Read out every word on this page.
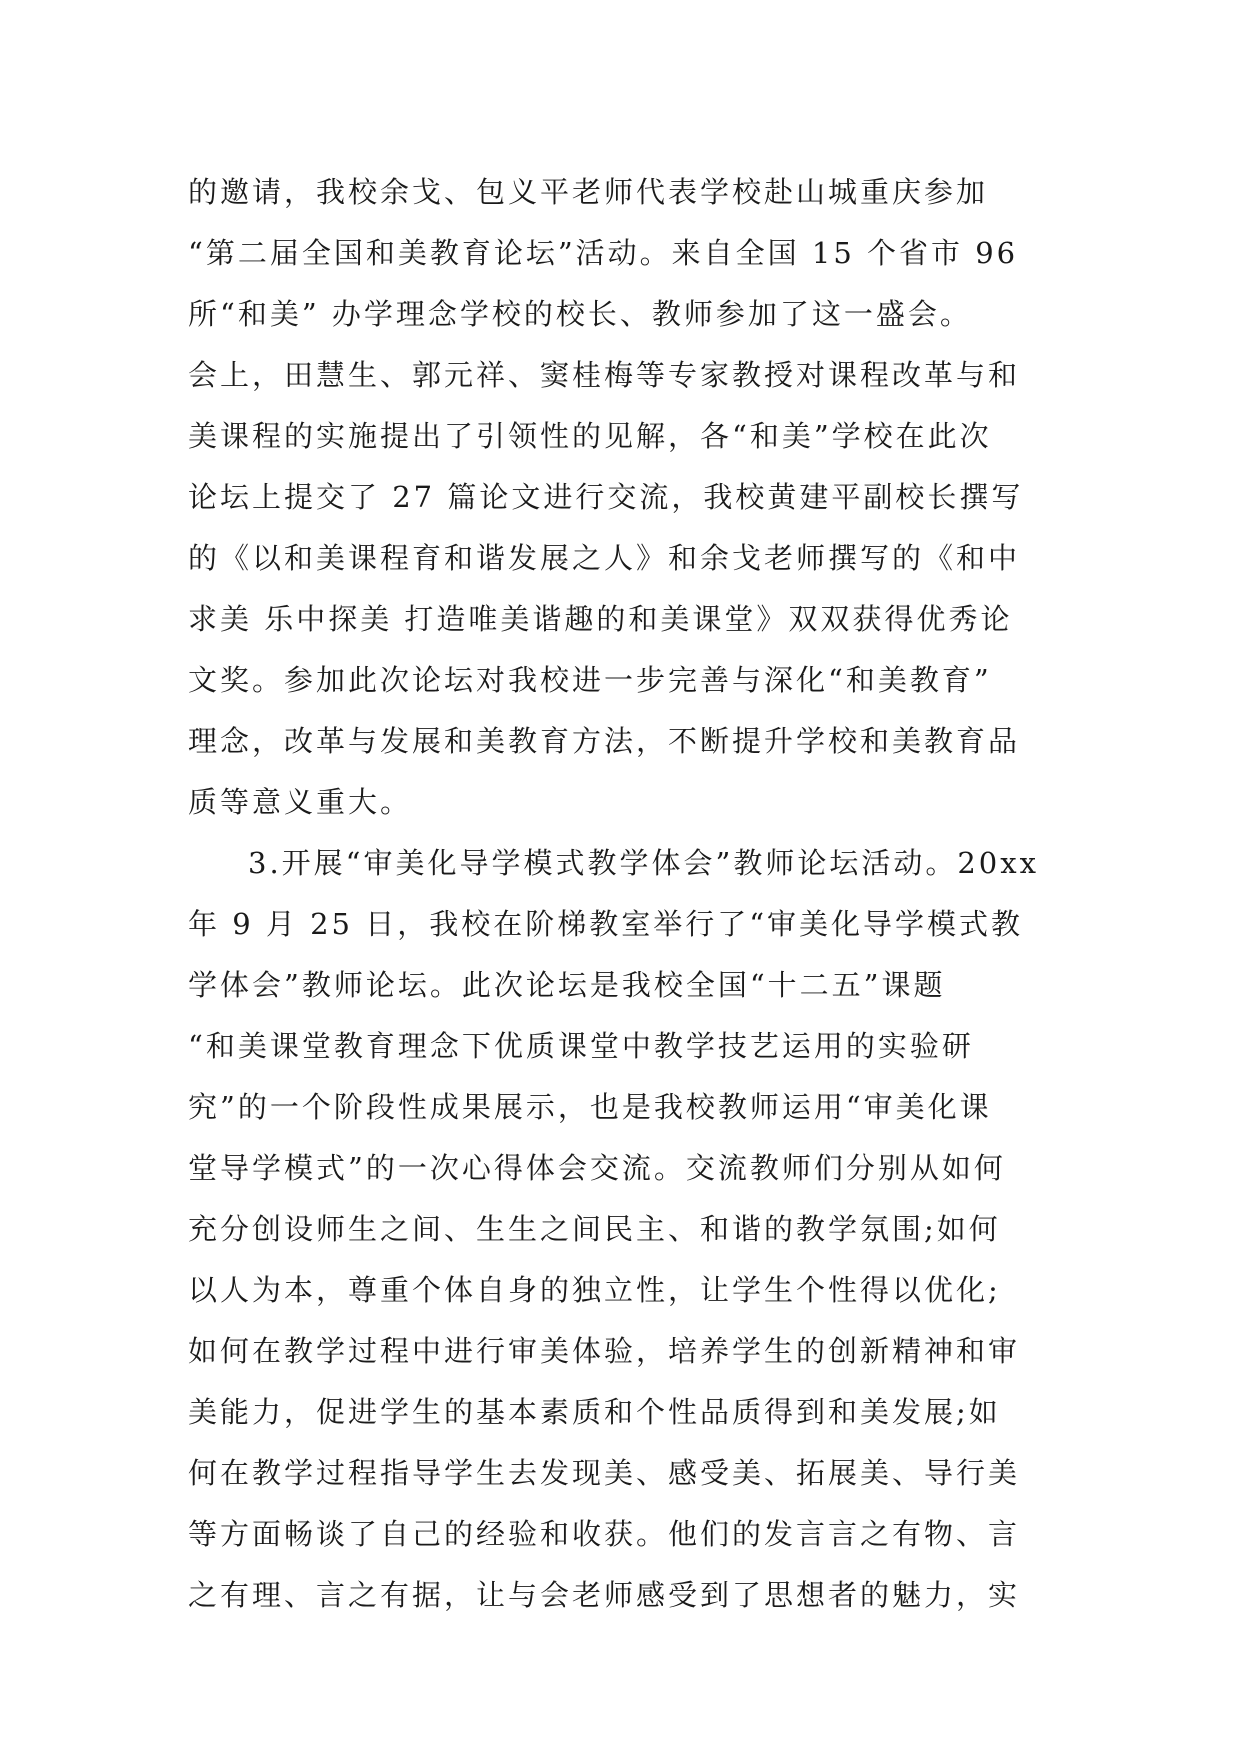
的邀请，我校余戈、包义平老师代表学校赴山城重庆参加
“第二届全国和美教育论坛”活动。来自全国 15 个省市 96
所“和美” 办学理念学校的校长、教师参加了这一盛会。
会上，田慧生、郭元祥、窦桂梅等专家教授对课程改革与和
美课程的实施提出了引领性的见解，各“和美”学校在此次
论坛上提交了 27 篇论文进行交流，我校黄建平副校长撰写
的《以和美课程育和谐发展之人》和余戈老师撰写的《和中
求美 乐中探美 打造唯美谐趣的和美课堂》双双获得优秀论
文奖。参加此次论坛对我校进一步完善与深化“和美教育”
理念，改革与发展和美教育方法，不断提升学校和美教育品
质等意义重大。
3.开展“审美化导学模式教学体会”教师论坛活动。20xx
年 9 月 25 日，我校在阶梯教室举行了“审美化导学模式教
学体会”教师论坛。此次论坛是我校全国“十二五”课题
“和美课堂教育理念下优质课堂中教学技艺运用的实验研
究”的一个阶段性成果展示，也是我校教师运用“审美化课
堂导学模式”的一次心得体会交流。交流教师们分别从如何
充分创设师生之间、生生之间民主、和谐的教学氛围;如何
以人为本，尊重个体自身的独立性，让学生个性得以优化;
如何在教学过程中进行审美体验，培养学生的创新精神和审
美能力，促进学生的基本素质和个性品质得到和美发展;如
何在教学过程指导学生去发现美、感受美、拓展美、导行美
等方面畅谈了自己的经验和收获。他们的发言言之有物、言
之有理、言之有据，让与会老师感受到了思想者的魅力，实
